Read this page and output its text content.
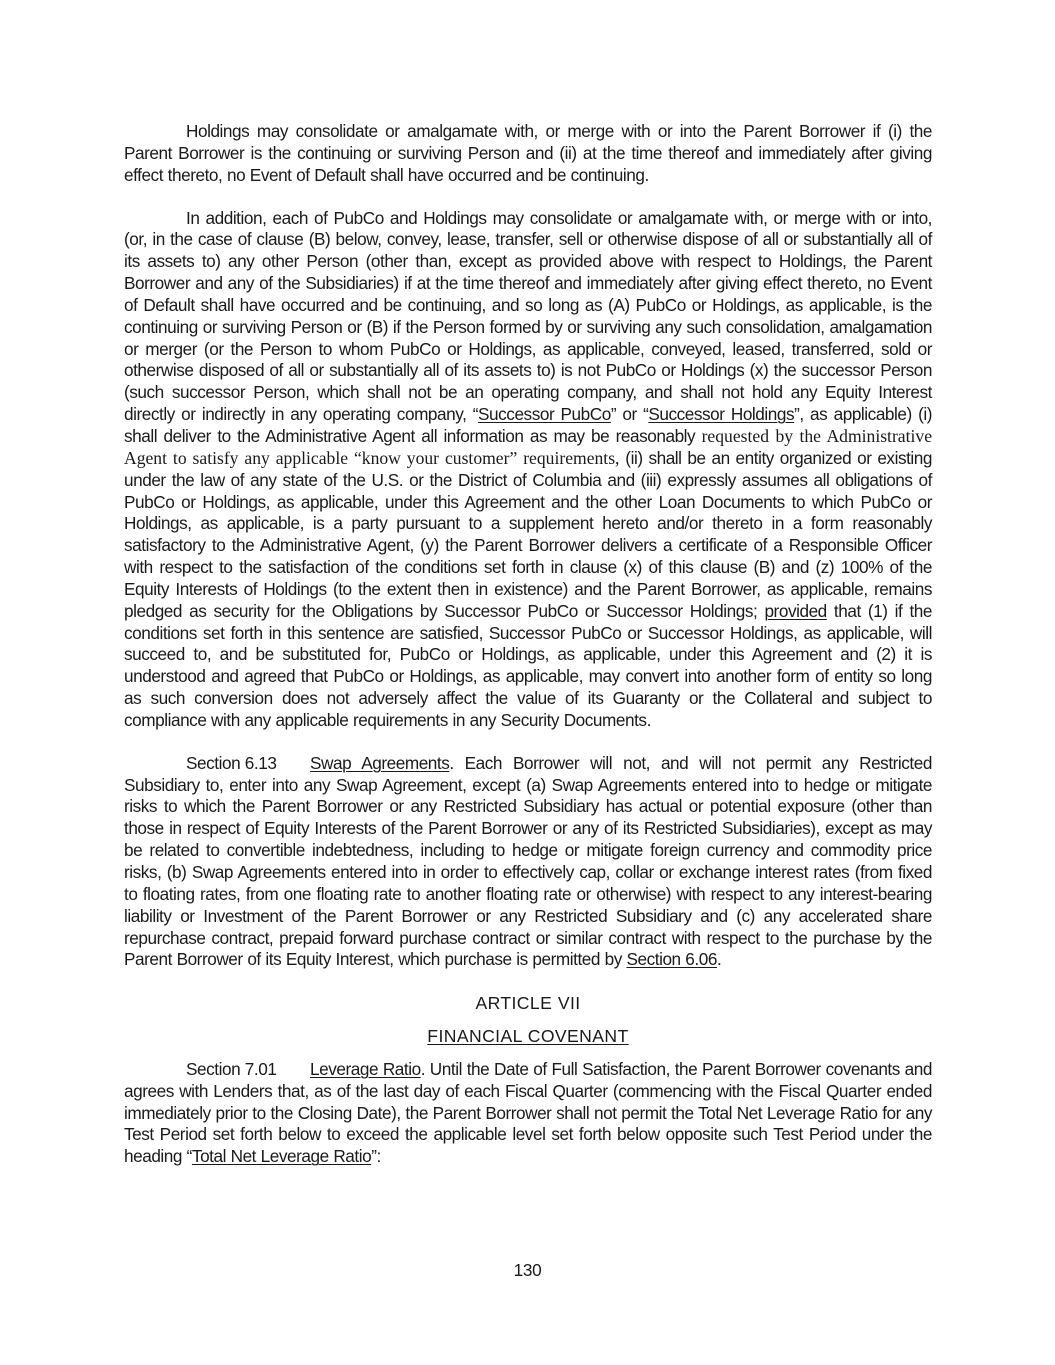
Holdings may consolidate or amalgamate with, or merge with or into the Parent Borrower if (i) the Parent Borrower is the continuing or surviving Person and (ii) at the time thereof and immediately after giving effect thereto, no Event of Default shall have occurred and be continuing.

In addition, each of PubCo and Holdings may consolidate or amalgamate with, or merge with or into, (or, in the case of clause (B) below, convey, lease, transfer, sell or otherwise dispose of all or substantially all of its assets to) any other Person (other than, except as provided above with respect to Holdings, the Parent Borrower and any of the Subsidiaries) if at the time thereof and immediately after giving effect thereto, no Event of Default shall have occurred and be continuing, and so long as (A) PubCo or Holdings, as applicable, is the continuing or surviving Person or (B) if the Person formed by or surviving any such consolidation, amalgamation or merger (or the Person to whom PubCo or Holdings, as applicable, conveyed, leased, transferred, sold or otherwise disposed of all or substantially all of its assets to) is not PubCo or Holdings (x) the successor Person (such successor Person, which shall not be an operating company, and shall not hold any Equity Interest directly or indirectly in any operating company, “Successor PubCo” or “Successor Holdings”, as applicable) (i) shall deliver to the Administrative Agent all information as may be reasonably requested by the Administrative Agent to satisfy any applicable “know your customer” requirements, (ii) shall be an entity organized or existing under the law of any state of the U.S. or the District of Columbia and (iii) expressly assumes all obligations of PubCo or Holdings, as applicable, under this Agreement and the other Loan Documents to which PubCo or Holdings, as applicable, is a party pursuant to a supplement hereto and/or thereto in a form reasonably satisfactory to the Administrative Agent, (y) the Parent Borrower delivers a certificate of a Responsible Officer with respect to the satisfaction of the conditions set forth in clause (x) of this clause (B) and (z) 100% of the Equity Interests of Holdings (to the extent then in existence) and the Parent Borrower, as applicable, remains pledged as security for the Obligations by Successor PubCo or Successor Holdings; provided that (1) if the conditions set forth in this sentence are satisfied, Successor PubCo or Successor Holdings, as applicable, will succeed to, and be substituted for, PubCo or Holdings, as applicable, under this Agreement and (2) it is understood and agreed that PubCo or Holdings, as applicable, may convert into another form of entity so long as such conversion does not adversely affect the value of its Guaranty or the Collateral and subject to compliance with any applicable requirements in any Security Documents.

Section 6.13 Swap Agreements. Each Borrower will not, and will not permit any Restricted Subsidiary to, enter into any Swap Agreement, except (a) Swap Agreements entered into to hedge or mitigate risks to which the Parent Borrower or any Restricted Subsidiary has actual or potential exposure (other than those in respect of Equity Interests of the Parent Borrower or any of its Restricted Subsidiaries), except as may be related to convertible indebtedness, including to hedge or mitigate foreign currency and commodity price risks, (b) Swap Agreements entered into in order to effectively cap, collar or exchange interest rates (from fixed to floating rates, from one floating rate to another floating rate or otherwise) with respect to any interest-bearing liability or Investment of the Parent Borrower or any Restricted Subsidiary and (c) any accelerated share repurchase contract, prepaid forward purchase contract or similar contract with respect to the purchase by the Parent Borrower of its Equity Interest, which purchase is permitted by Section 6.06.

ARTICLE VII

FINANCIAL COVENANT

Section 7.01 Leverage Ratio. Until the Date of Full Satisfaction, the Parent Borrower covenants and agrees with Lenders that, as of the last day of each Fiscal Quarter (commencing with the Fiscal Quarter ended immediately prior to the Closing Date), the Parent Borrower shall not permit the Total Net Leverage Ratio for any Test Period set forth below to exceed the applicable level set forth below opposite such Test Period under the heading “Total Net Leverage Ratio”:

130
